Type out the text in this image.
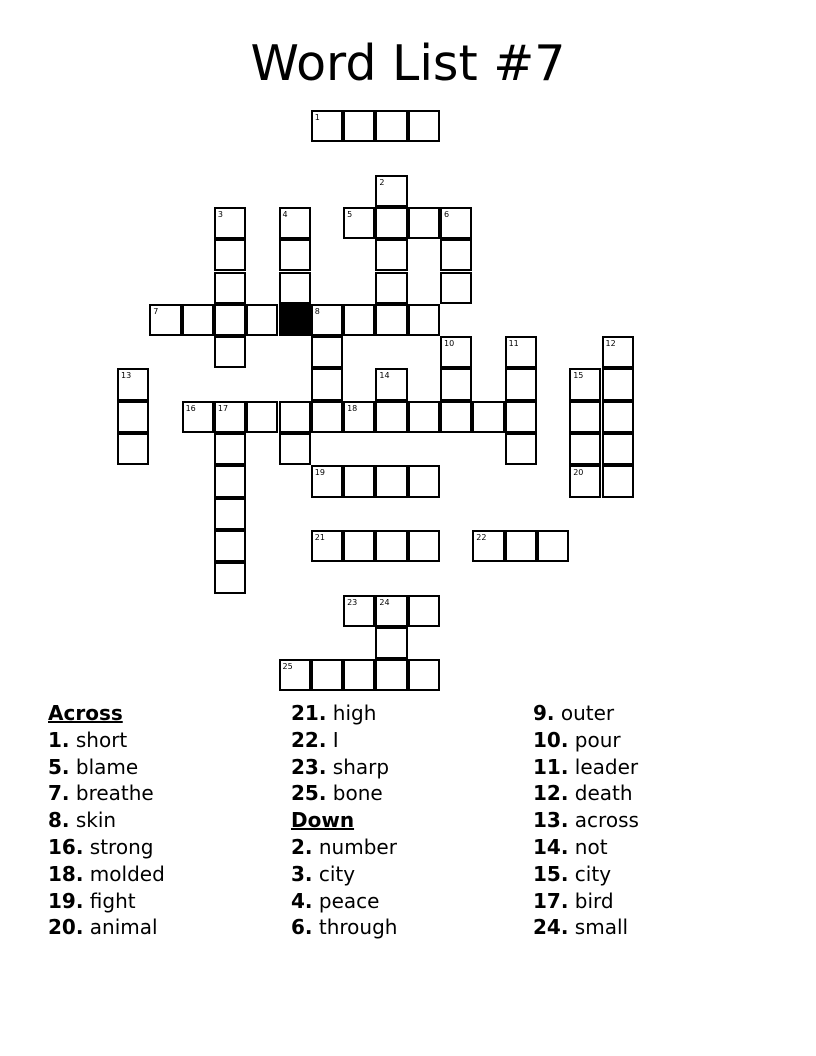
Word List #7
1
2
3	4	5	6
7	8
10	11	12
13	14	15
16	17	18
19	20
21	22
23	24
25
Across
1. short
5. blame
7. breathe
8. skin
16. strong
18. molded
19. fight
20. animal
21. high
22. I
23. sharp
25. bone
Down
2. number
3. city
4. peace
6. through
9. outer
10. pour
11. leader
12. death
13. across
14. not
15. city
17. bird
24. small
